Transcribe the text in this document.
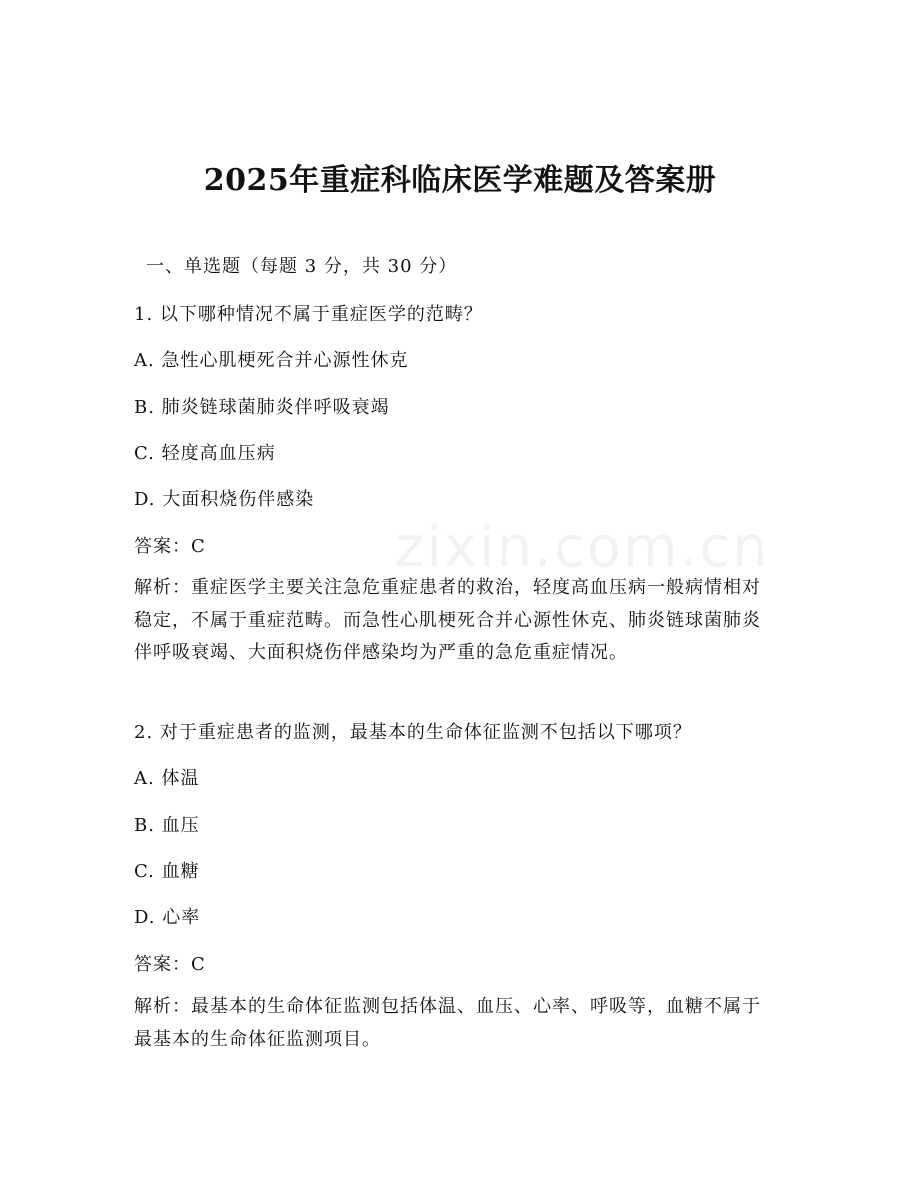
zixin.com.cn
2025年重症科临床医学难题及答案册
一、单选题（每题 3 分，共 30 分）
1. 以下哪种情况不属于重症医学的范畴？
A. 急性心肌梗死合并心源性休克
B. 肺炎链球菌肺炎伴呼吸衰竭
C. 轻度高血压病
D. 大面积烧伤伴感染
答案：C
解析：重症医学主要关注急危重症患者的救治，轻度高血压病一般病情相对稳定，不属于重症范畴。而急性心肌梗死合并心源性休克、肺炎链球菌肺炎伴呼吸衰竭、大面积烧伤伴感染均为严重的急危重症情况。
2. 对于重症患者的监测，最基本的生命体征监测不包括以下哪项？
A. 体温
B. 血压
C. 血糖
D. 心率
答案：C
解析：最基本的生命体征监测包括体温、血压、心率、呼吸等，血糖不属于最基本的生命体征监测项目。
